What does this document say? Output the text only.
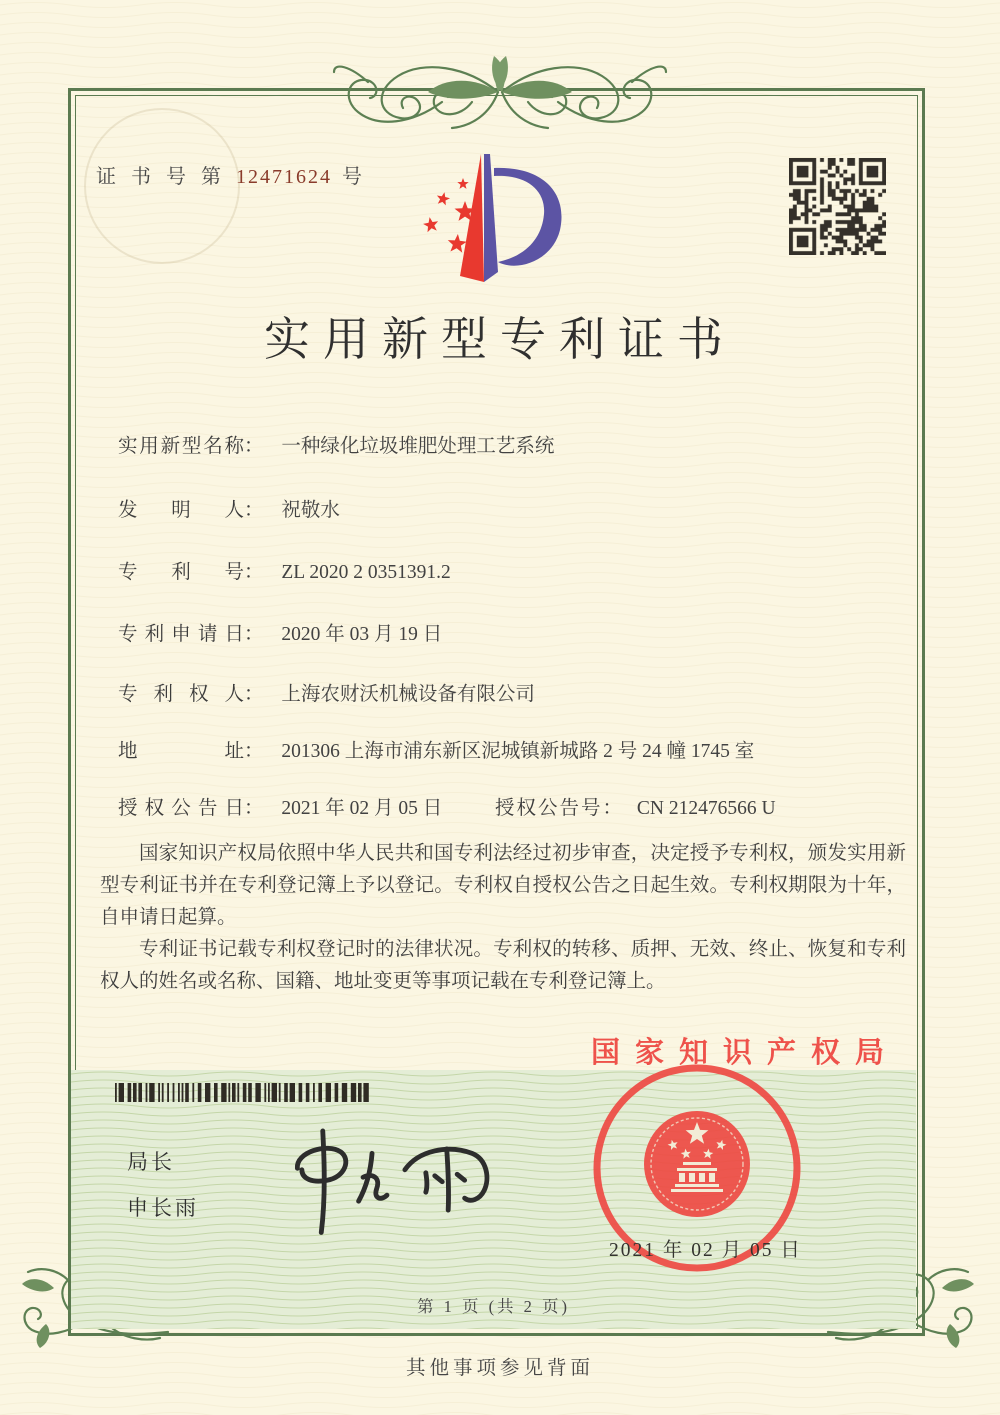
证 书 号 第 12471624 号
实用新型专利证书
实用新型名称： 一种绿化垃圾堆肥处理工艺系统
发明人： 祝敬水
专利号： ZL 2020 2 0351391.2
专利申请日： 2020 年 03 月 19 日
专利权人： 上海农财沃机械设备有限公司
地址： 201306 上海市浦东新区泥城镇新城路 2 号 24 幢 1745 室
授权公告日： 2021 年 02 月 05 日	授权公告号： CN 212476566 U

国家知识产权局依照中华人民共和国专利法经过初步审查，决定授予专利权，颁发实用新型专利证书并在专利登记簿上予以登记。专利权自授权公告之日起生效。专利权期限为十年，自申请日起算。

专利证书记载专利权登记时的法律状况。专利权的转移、质押、无效、终止、恢复和专利权人的姓名或名称、国籍、地址变更等事项记载在专利登记簿上。

局长
申长雨
国家知识产权局
2021 年 02 月 05 日
第 1 页 (共 2 页)
其他事项参见背面
